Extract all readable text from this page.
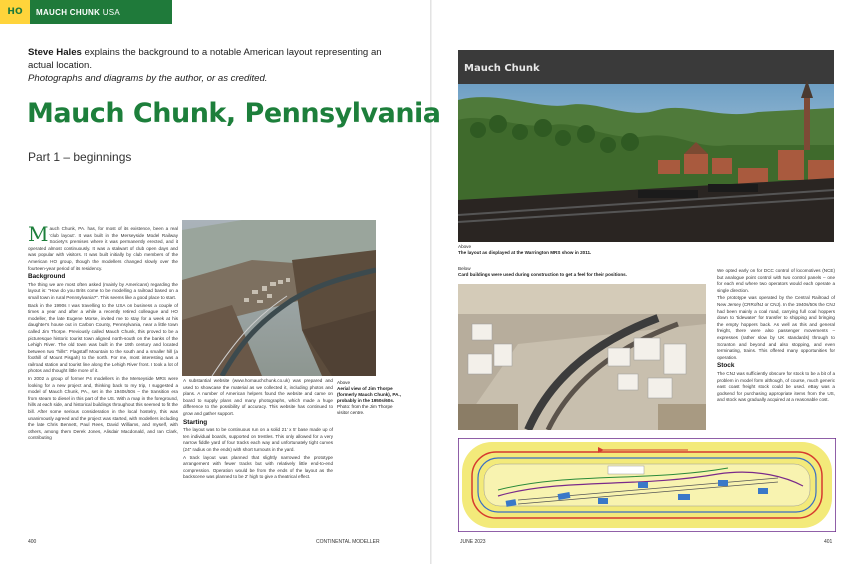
HO	MAUCH CHUNK USA
Steve Hales explains the background to a notable American layout representing an actual location.
Photographs and diagrams by the author, or as credited.
Mauch Chunk, Pennsylvania
Part 1 – beginnings

Mauch Chunk, PA. has, for most of its existence, been a real 'club layout'. It was built in the Merseyside Model Railway Society's premises where it was permanently erected, and it operated almost continuously. It was a stalwart of club open days and was popular with visitors. It was built initially by club members of the American HO group, though the modellers changed slowly over the fourteen-year period of its residency.

Background

The thing we are most often asked (mainly by Americans) regarding the layout is: "How do you Brits come to be modelling a railroad based on a small town in rural Pennsylvania?". This seems like a good place to start.

Back in the 1990s I was travelling to the USA on business a couple of times a year and after a while a recently retired colleague and HO modeller, the late Eugene Morse, invited me to stay for a week at his daughter's house out in Carbon County, Pennsylvania, near a little town called Jim Thorpe. Previously called Mauch Chunk, this proved to be a picturesque historic tourist town aligned north-south on the banks of the Lehigh River. The old town was built in the 19th century and located between two "hills": Flagstaff Mountain to the south and a smaller hill (a foothill of Mount Pisgah) to the north. For me, most interesting was a railroad station and tourist line along the Lehigh River front. I took a lot of photos and thought little more of it.

In 2002 a group of former P4 modellers in the Merseyside MRS were looking for a new project and, thinking back to my trip, I suggested a model of Mauch Chunk, PA., set in the 1940s/50s – the transition era from steam to diesel in this part of the US. With a map in the foreground, hills at each side, and historical buildings throughout this seemed to fit the bill. After some serious consideration in the local hostelry, this was unanimously agreed and the project was started, with modellers including the late Chris Bennett, Paul Rees, David Williams, and myself, with others, among them Derek Jones, Alisdair Macdonald, and Ian Clark, contributing

Above
Aerial view of Jim Thorpe (formerly Mauch Chunk), PA., probably in the 1950s/60s.
Photo: from the Jim Thorpe visitor centre.

A substantial website (www.homauchchunk.co.uk) was prepared and used to showcase the material as we collected it, including photos and plans. A number of American helpers found the website and came on board to supply plans and many photographs, which made a huge difference to the possibility of accuracy. This website has continued to grow and gather support.

Starting

The layout was to be continuous run on a solid 21' x 5' base made up of ten individual boards, supported on trestles. This only allowed for a very narrow fiddle yard of four tracks each way and unfortunately tight curves (24" radius on the ends) with short turnouts in the yard.

A track layout was planned that slightly narrowed the prototype arrangement with fewer tracks but with relatively little end-to-end compression. Operation would be from the ends of the layout as the backscene was planned to be 2' high to give a theatrical effect.

400	CONTINENTAL MODELLER
Mauch Chunk
Above
The layout as displayed at the Warrington MRS show in 2011.
Below
Card buildings were used during construction to get a feel for their positions.

We opted early on for DCC control of locomotives (NCE) but analogue point control with two control panels – one for each end where two operators would each operate a single direction.

The prototype was operated by the Central Railroad of New Jersey (CRRofNJ or CNJ). In the 1940s/50s the CNJ had been mainly a coal road, carrying full coal hoppers down to 'tidewater' for transfer to shipping and bringing the empty hoppers back. As well as this and general freight, there were also passenger movements – expresses (rather slow by UK standards) through to Scranton and beyond and also stopping, and even terminating, trains. This offered many opportunities for operation.

Stock

The CNJ was sufficiently obscure for stock to be a bit of a problem in model form although, of course, much generic east coast freight stock could be used. eBay was a godsend for purchasing appropriate items from the US, and stock was gradually acquired at a reasonable cost.

JUNE 2023	401
